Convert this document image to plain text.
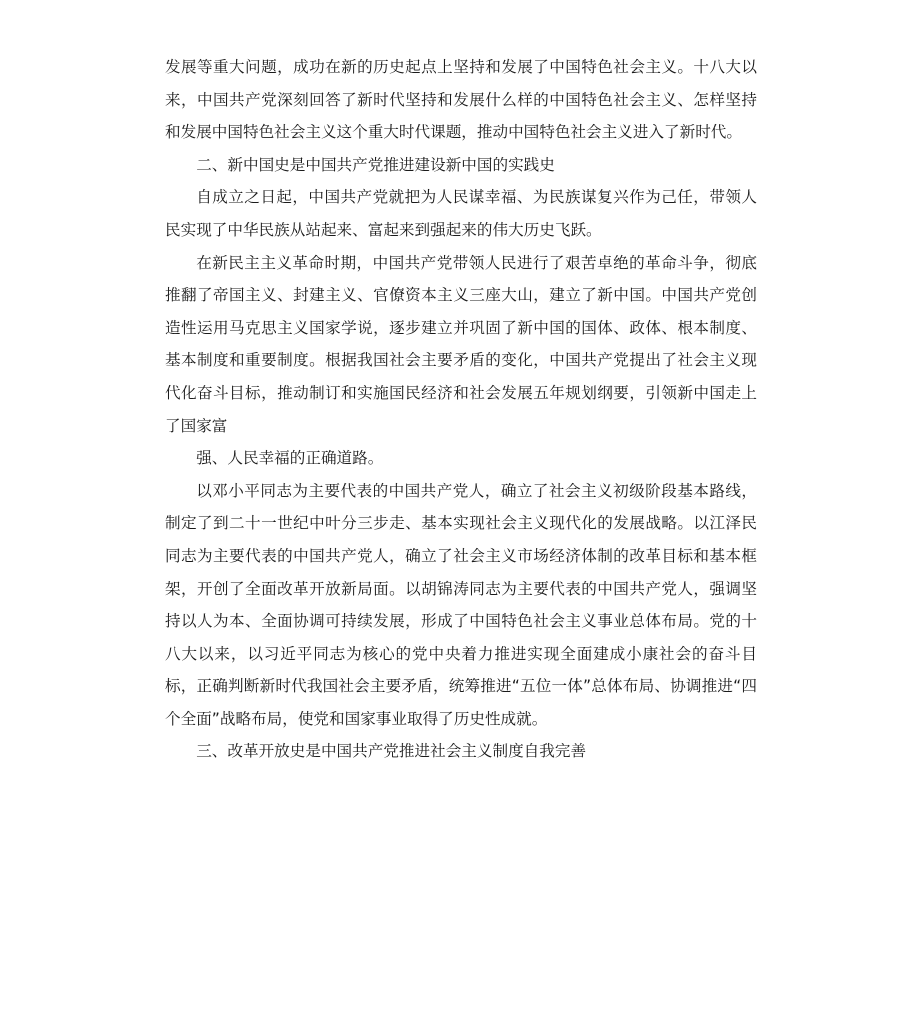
发展等重大问题，成功在新的历史起点上坚持和发展了中国特色社会主义。十八大以来，中国共产党深刻回答了新时代坚持和发展什么样的中国特色社会主义、怎样坚持和发展中国特色社会主义这个重大时代课题，推动中国特色社会主义进入了新时代。

二、新中国史是中国共产党推进建设新中国的实践史

自成立之日起，中国共产党就把为人民谋幸福、为民族谋复兴作为己任，带领人民实现了中华民族从站起来、富起来到强起来的伟大历史飞跃。

在新民主主义革命时期，中国共产党带领人民进行了艰苦卓绝的革命斗争，彻底推翻了帝国主义、封建主义、官僚资本主义三座大山，建立了新中国。中国共产党创造性运用马克思主义国家学说，逐步建立并巩固了新中国的国体、政体、根本制度、基本制度和重要制度。根据我国社会主要矛盾的变化，中国共产党提出了社会主义现代化奋斗目标，推动制订和实施国民经济和社会发展五年规划纲要，引领新中国走上了国家富

强、人民幸福的正确道路。

以邓小平同志为主要代表的中国共产党人，确立了社会主义初级阶段基本路线，制定了到二十一世纪中叶分三步走、基本实现社会主义现代化的发展战略。以江泽民同志为主要代表的中国共产党人，确立了社会主义市场经济体制的改革目标和基本框架，开创了全面改革开放新局面。以胡锦涛同志为主要代表的中国共产党人，强调坚持以人为本、全面协调可持续发展，形成了中国特色社会主义事业总体布局。党的十八大以来，以习近平同志为核心的党中央着力推进实现全面建成小康社会的奋斗目标，正确判断新时代我国社会主要矛盾，统筹推进“五位一体”总体布局、协调推进“四个全面”战略布局，使党和国家事业取得了历史性成就。

三、改革开放史是中国共产党推进社会主义制度自我完善
